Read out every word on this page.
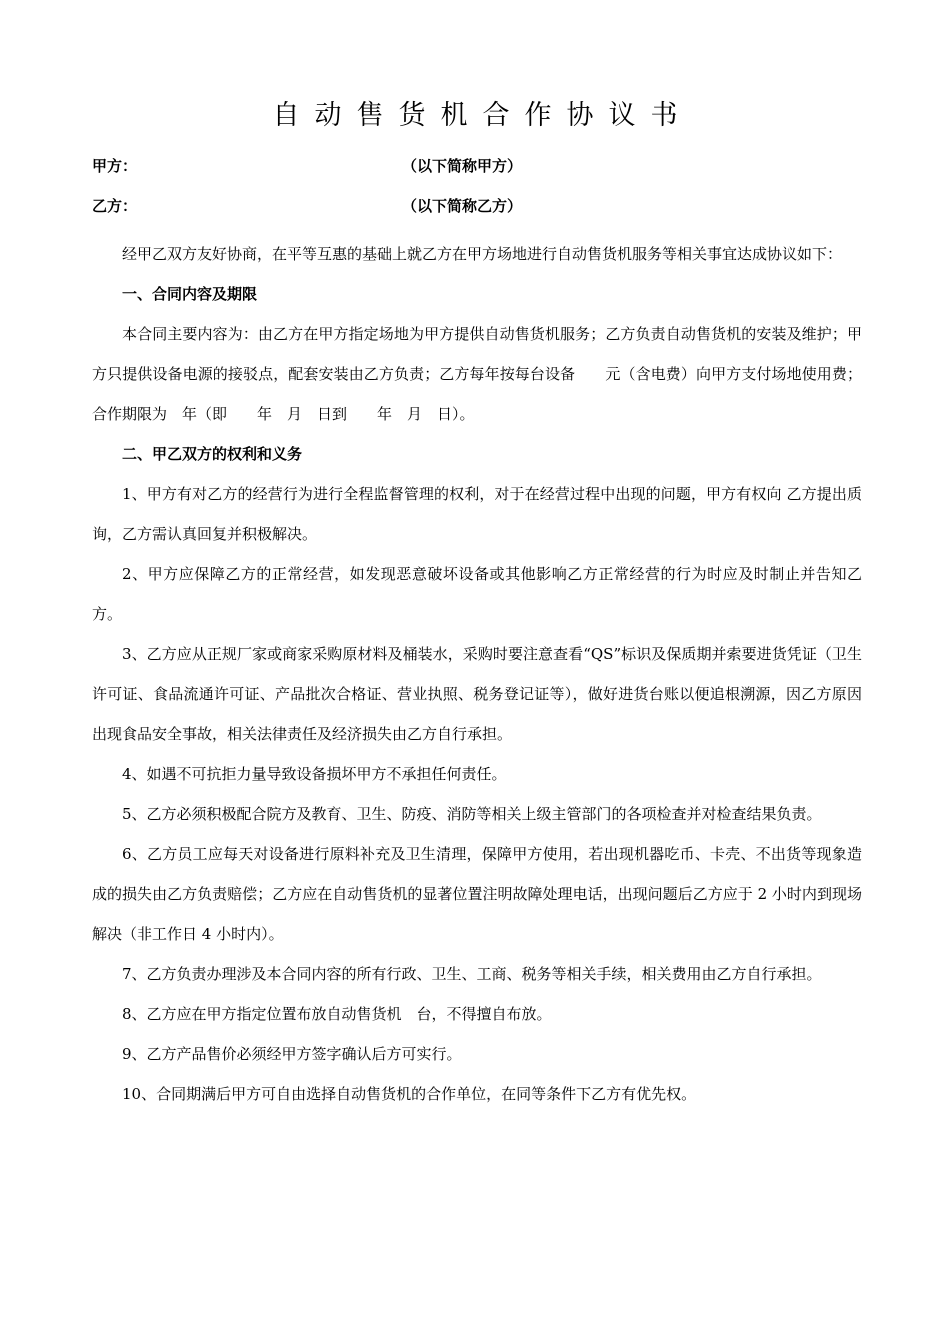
自动售货机合作协议书
甲方：	（以下简称甲方）
乙方：	（以下简称乙方）

经甲乙双方友好协商，在平等互惠的基础上就乙方在甲方场地进行自动售货机服务等相关事宜达成协议如下：

一、合同内容及期限

本合同主要内容为：由乙方在甲方指定场地为甲方提供自动售货机服务；乙方负责自动售货机的安装及维护；甲方只提供设备电源的接驳点，配套安装由乙方负责；乙方每年按每台设备　　元（含电费）向甲方支付场地使用费；合作期限为　年（即　　年　月　日到　　年　月　日）。

二、甲乙双方的权利和义务

1、甲方有对乙方的经营行为进行全程监督管理的权利，对于在经营过程中出现的问题，甲方有权向 乙方提出质询，乙方需认真回复并积极解决。

2、甲方应保障乙方的正常经营，如发现恶意破坏设备或其他影响乙方正常经营的行为时应及时制止并告知乙方。

3、乙方应从正规厂家或商家采购原材料及桶装水，采购时要注意查看“QS”标识及保质期并索要进货凭证（卫生许可证、食品流通许可证、产品批次合格证、营业执照、税务登记证等），做好进货台账以便追根溯源，因乙方原因出现食品安全事故，相关法律责任及经济损失由乙方自行承担。

4、如遇不可抗拒力量导致设备损坏甲方不承担任何责任。

5、乙方必须积极配合院方及教育、卫生、防疫、消防等相关上级主管部门的各项检查并对检查结果负责。

6、乙方员工应每天对设备进行原料补充及卫生清理，保障甲方使用，若出现机器吃币、卡壳、不出货等现象造成的损失由乙方负责赔偿；乙方应在自动售货机的显著位置注明故障处理电话，出现问题后乙方应于 2 小时内到现场解决（非工作日 4 小时内）。

7、乙方负责办理涉及本合同内容的所有行政、卫生、工商、税务等相关手续，相关费用由乙方自行承担。

8、乙方应在甲方指定位置布放自动售货机　台，不得擅自布放。

9、乙方产品售价必须经甲方签字确认后方可实行。

10、合同期满后甲方可自由选择自动售货机的合作单位，在同等条件下乙方有优先权。
